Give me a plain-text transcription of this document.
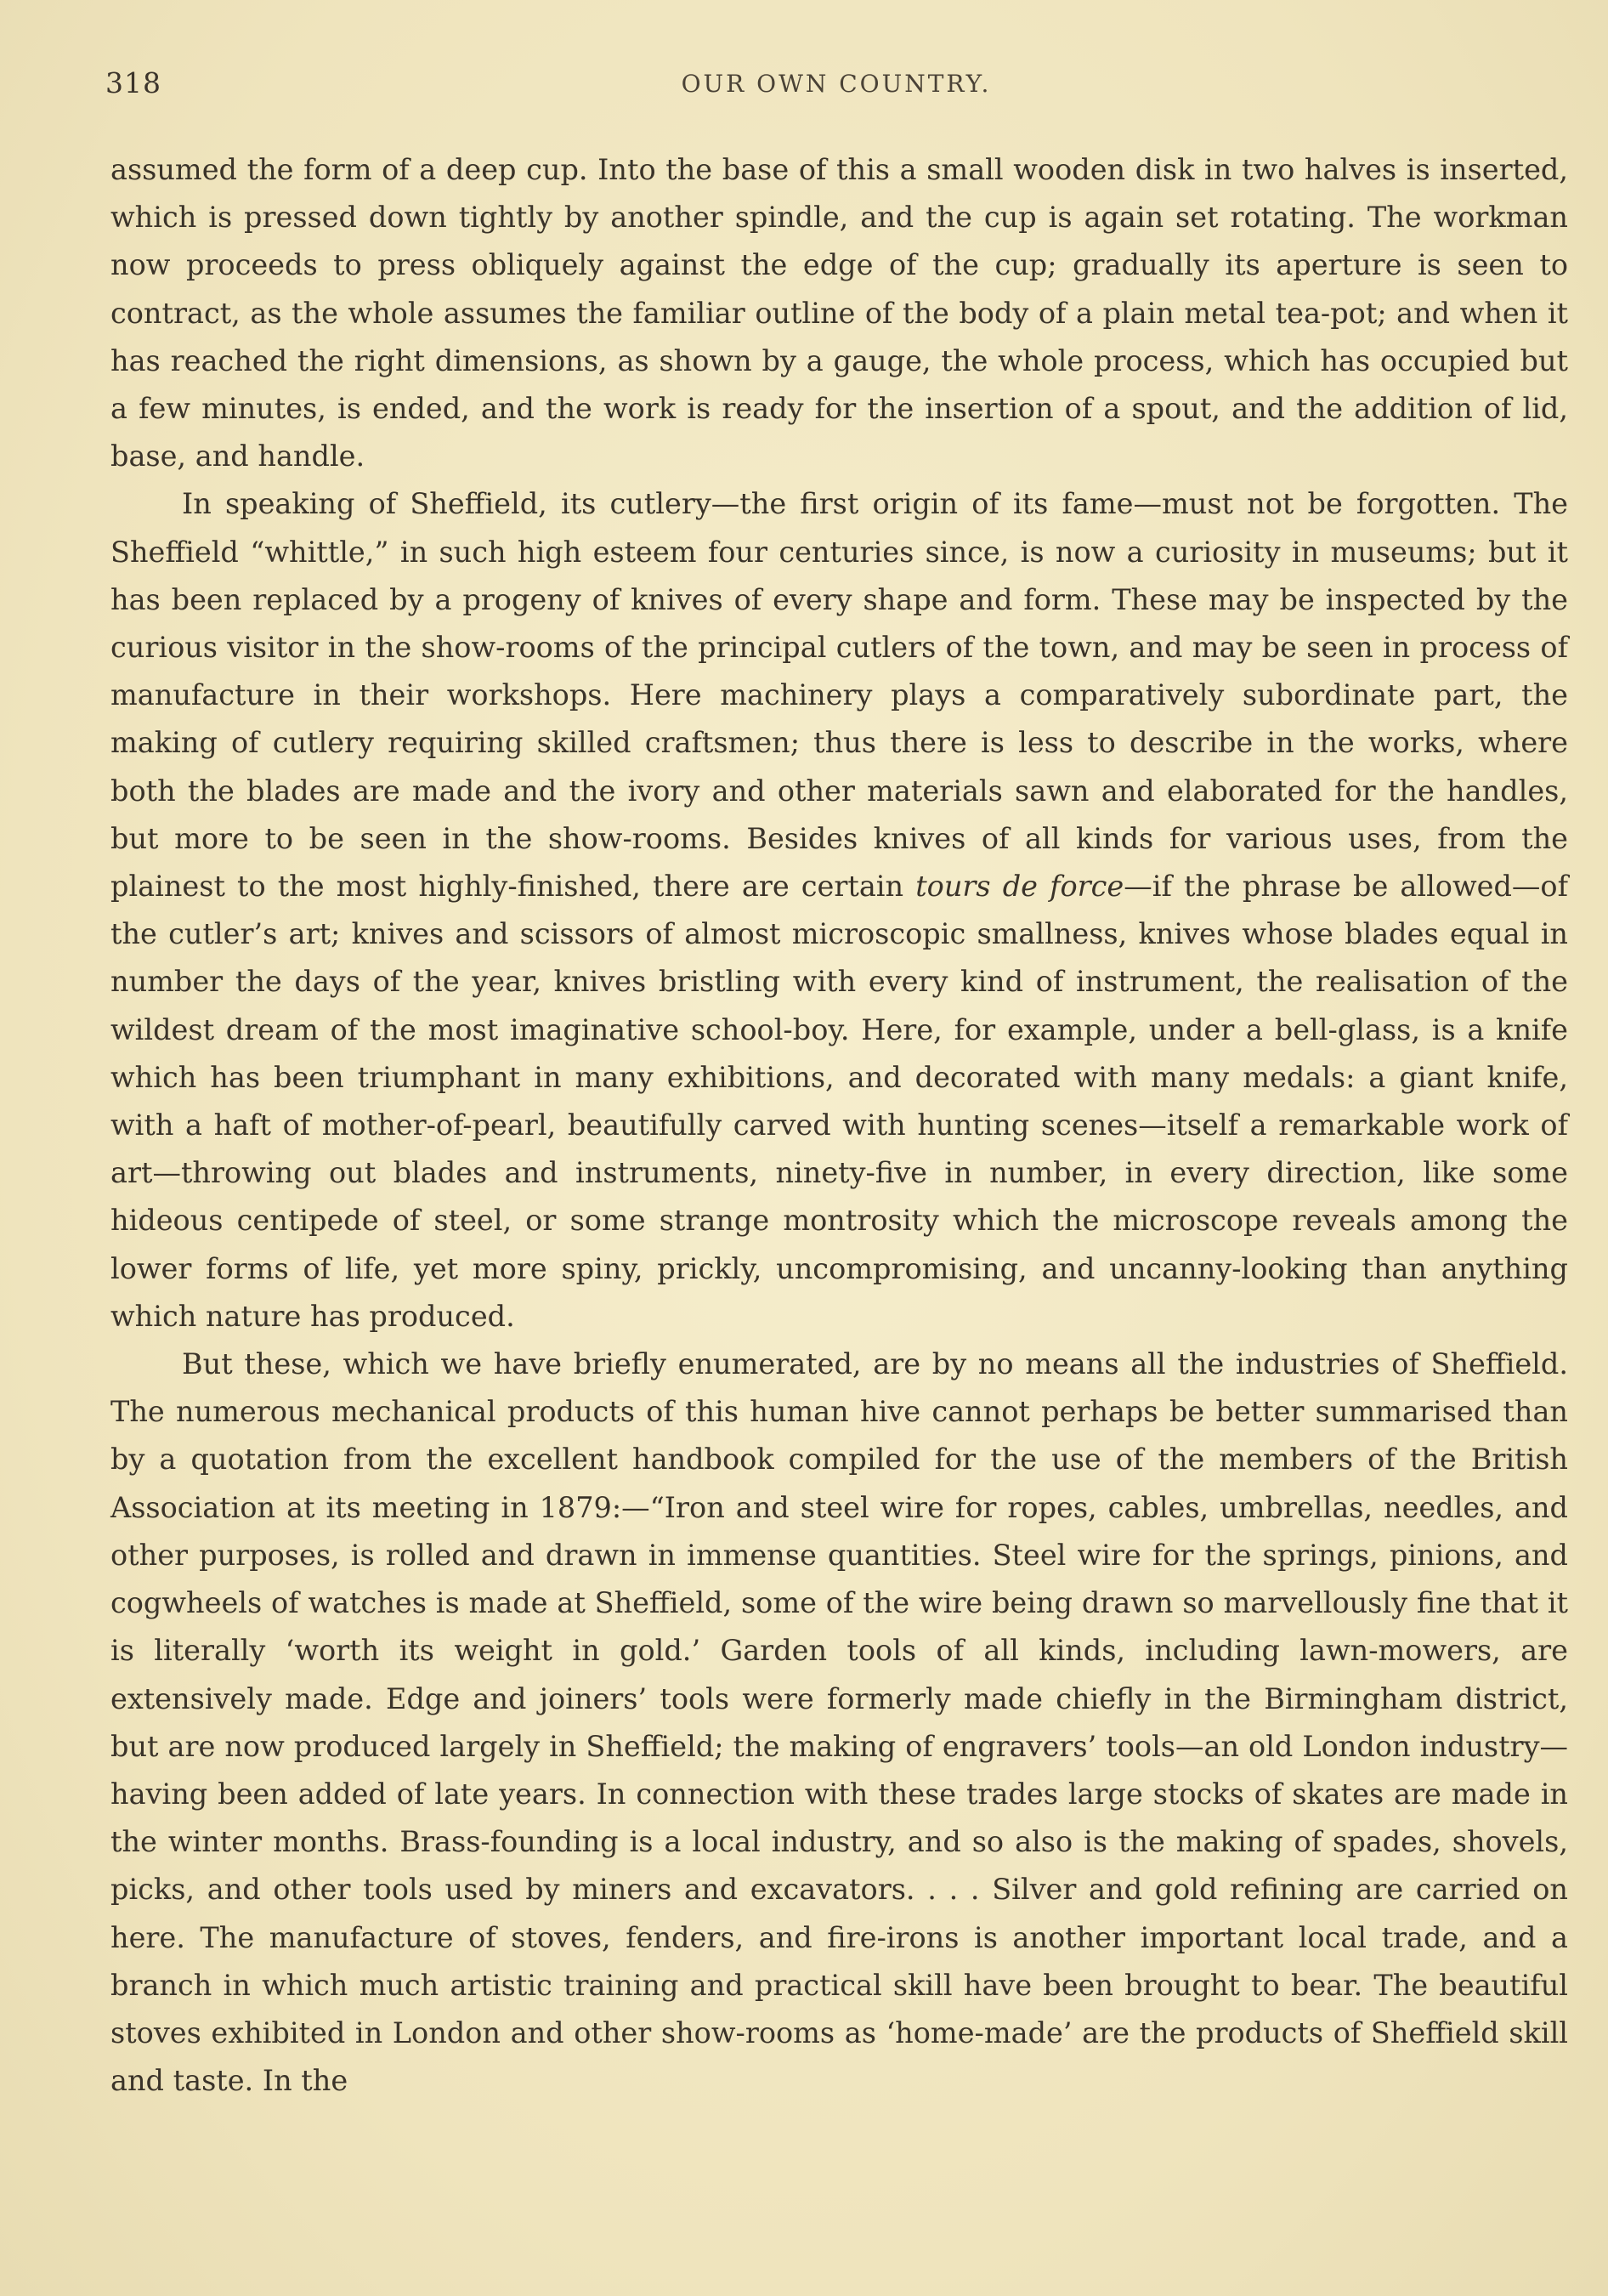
318	OUR OWN COUNTRY.

assumed the form of a deep cup. Into the base of this a small wooden disk in two halves is inserted, which is pressed down tightly by another spindle, and the cup is again set rotating. The workman now proceeds to press obliquely against the edge of the cup; gradually its aperture is seen to contract, as the whole assumes the familiar outline of the body of a plain metal tea-pot; and when it has reached the right dimensions, as shown by a gauge, the whole process, which has occupied but a few minutes, is ended, and the work is ready for the insertion of a spout, and the addition of lid, base, and handle.

In speaking of Sheffield, its cutlery—the first origin of its fame—must not be forgotten. The Sheffield “whittle,” in such high esteem four centuries since, is now a curiosity in museums; but it has been replaced by a progeny of knives of every shape and form. These may be inspected by the curious visitor in the show-rooms of the principal cutlers of the town, and may be seen in process of manufacture in their workshops. Here machinery plays a comparatively subordinate part, the making of cutlery requiring skilled craftsmen; thus there is less to describe in the works, where both the blades are made and the ivory and other materials sawn and elaborated for the handles, but more to be seen in the show-rooms. Besides knives of all kinds for various uses, from the plainest to the most highly-finished, there are certain tours de force—if the phrase be allowed—of the cutler’s art; knives and scissors of almost microscopic smallness, knives whose blades equal in number the days of the year, knives bristling with every kind of instrument, the realisation of the wildest dream of the most imaginative school-boy. Here, for example, under a bell-glass, is a knife which has been triumphant in many exhibitions, and decorated with many medals: a giant knife, with a haft of mother-of-pearl, beautifully carved with hunting scenes—itself a remarkable work of art—throwing out blades and instruments, ninety-five in number, in every direction, like some hideous centipede of steel, or some strange montrosity which the microscope reveals among the lower forms of life, yet more spiny, prickly, uncompromising, and uncanny-looking than anything which nature has produced.

But these, which we have briefly enumerated, are by no means all the industries of Sheffield. The numerous mechanical products of this human hive cannot perhaps be better summarised than by a quotation from the excellent handbook compiled for the use of the members of the British Association at its meeting in 1879:—“Iron and steel wire for ropes, cables, umbrellas, needles, and other purposes, is rolled and drawn in immense quantities. Steel wire for the springs, pinions, and cogwheels of watches is made at Sheffield, some of the wire being drawn so marvellously fine that it is literally ‘worth its weight in gold.’ Garden tools of all kinds, including lawn-mowers, are extensively made. Edge and joiners’ tools were formerly made chiefly in the Birmingham district, but are now produced largely in Sheffield; the making of engravers’ tools—an old London industry—having been added of late years. In connection with these trades large stocks of skates are made in the winter months. Brass-founding is a local industry, and so also is the making of spades, shovels, picks, and other tools used by miners and excavators. . . . Silver and gold refining are carried on here. The manufacture of stoves, fenders, and fire-irons is another important local trade, and a branch in which much artistic training and practical skill have been brought to bear. The beautiful stoves exhibited in London and other show-rooms as ‘home-made’ are the products of Sheffield skill and taste. In the
